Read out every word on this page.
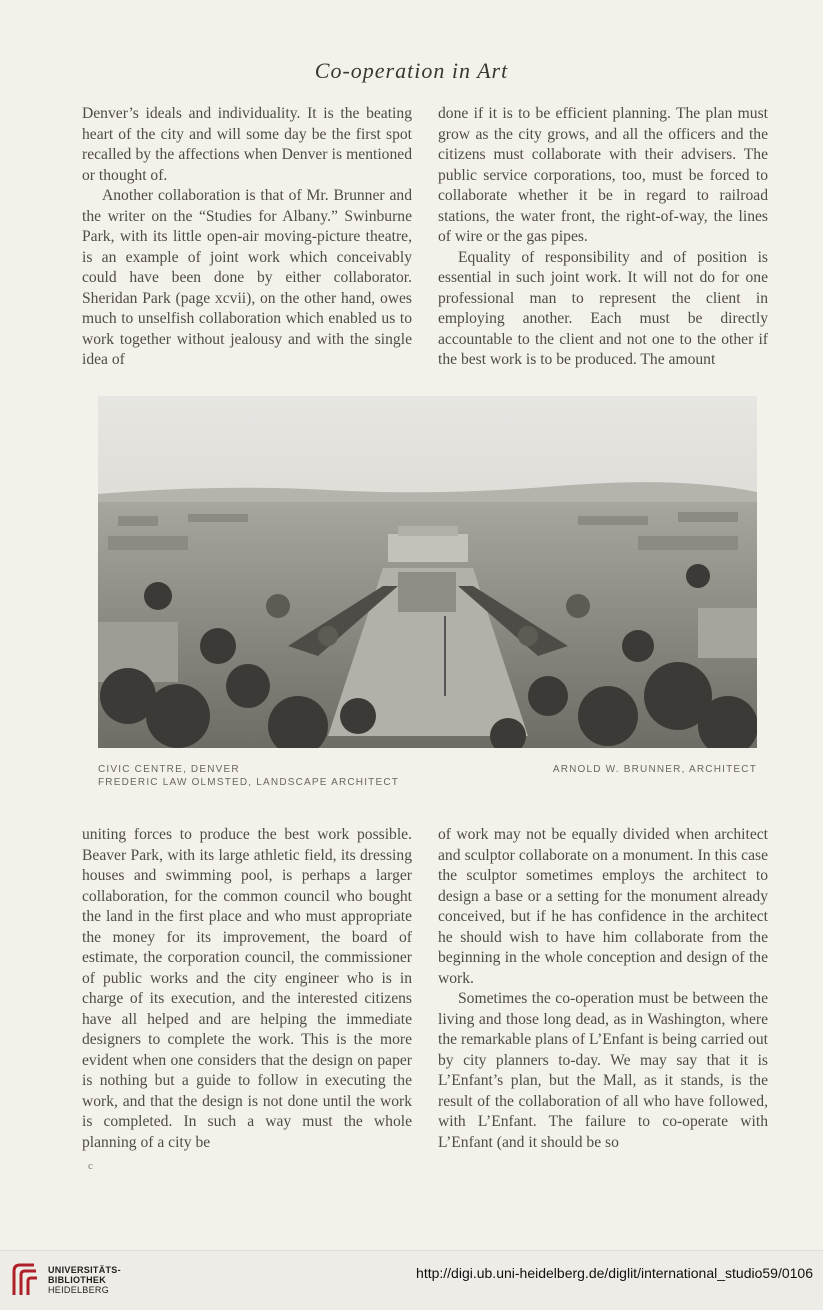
Co-operation in Art

Denver’s ideals and individuality. It is the beating heart of the city and will some day be the first spot recalled by the affections when Denver is mentioned or thought of.

Another collaboration is that of Mr. Brunner and the writer on the “Studies for Albany.” Swinburne Park, with its little open-air moving-picture theatre, is an example of joint work which conceivably could have been done by either collaborator. Sheridan Park (page xcvii), on the other hand, owes much to unselfish collaboration which enabled us to work together without jealousy and with the single idea of

done if it is to be efficient planning. The plan must grow as the city grows, and all the officers and the citizens must collaborate with their advisers. The public service corporations, too, must be forced to collaborate whether it be in regard to railroad stations, the water front, the right-of-way, the lines of wire or the gas pipes.

Equality of responsibility and of position is essential in such joint work. It will not do for one professional man to represent the client in employing another. Each must be directly accountable to the client and not one to the other if the best work is to be produced. The amount

CIVIC CENTRE, DENVER
FREDERIC LAW OLMSTED, LANDSCAPE ARCHITECT
ARNOLD W. BRUNNER, ARCHITECT

uniting forces to produce the best work possible. Beaver Park, with its large athletic field, its dressing houses and swimming pool, is perhaps a larger collaboration, for the common council who bought the land in the first place and who must appropriate the money for its improvement, the board of estimate, the corporation council, the commissioner of public works and the city engineer who is in charge of its execution, and the interested citizens have all helped and are helping the immediate designers to complete the work. This is the more evident when one considers that the design on paper is nothing but a guide to follow in executing the work, and that the design is not done until the work is completed. In such a way must the whole planning of a city be

of work may not be equally divided when architect and sculptor collaborate on a monument. In this case the sculptor sometimes employs the architect to design a base or a setting for the monument already conceived, but if he has confidence in the architect he should wish to have him collaborate from the beginning in the whole conception and design of the work.

Sometimes the co-operation must be between the living and those long dead, as in Washington, where the remarkable plans of L’Enfant is being carried out by city planners to-day. We may say that it is L’Enfant’s plan, but the Mall, as it stands, is the result of the collaboration of all who have followed, with L’Enfant. The failure to co-operate with L’Enfant (and it should be so

c
UNIVERSITÄTS-
BIBLIOTHEK
HEIDELBERG
http://digi.ub.uni-heidelberg.de/diglit/international_studio59/0106
